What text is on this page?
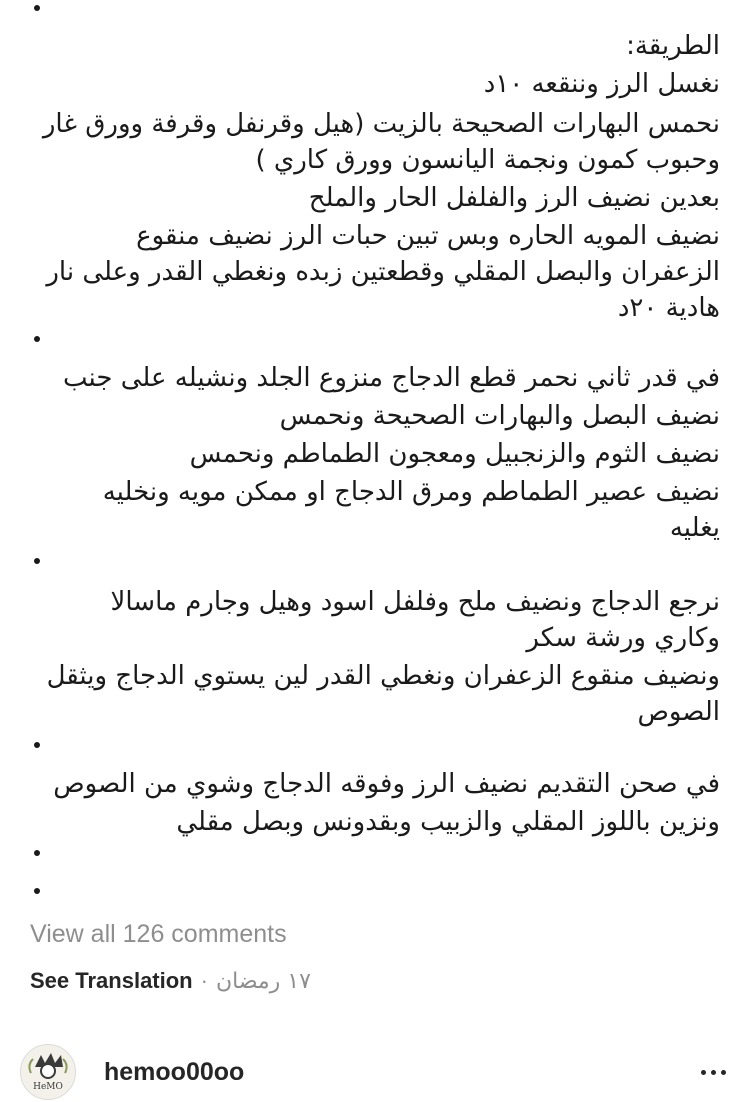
الطريقة:
نغسل الرز وننقعه ١٠د
نحمس البهارات الصحيحة بالزيت (هيل وقرنفل وقرفة وورق غار
وحبوب كمون ونجمة اليانسون وورق كاري )
بعدين نضيف الرز والفلفل الحار والملح
نضيف المويه الحاره وبس تبين حبات الرز نضيف منقوع
الزعفران والبصل المقلي وقطعتين زبده ونغطي القدر وعلى نار
هادية ٢٠د
في قدر ثاني نحمر قطع الدجاج منزوع الجلد ونشيله على جنب
نضيف البصل والبهارات الصحيحة ونحمس
نضيف الثوم والزنجبيل ومعجون الطماطم ونحمس
نضيف عصير الطماطم ومرق الدجاج او ممكن مويه ونخليه
يغليه
نرجع الدجاج ونضيف ملح وفلفل اسود وهيل وجارم ماسالا
وكاري ورشة سكر
ونضيف منقوع الزعفران ونغطي القدر لين يستوي الدجاج ويثقل
الصوص
في صحن التقديم نضيف الرز وفوقه الدجاج وشوي من الصوص
ونزين باللوز المقلي والزبيب وبقدونس وبصل مقلي
View all 126 comments
See Translation · ١٧ رمضان
HeMO
hemoo00oo
